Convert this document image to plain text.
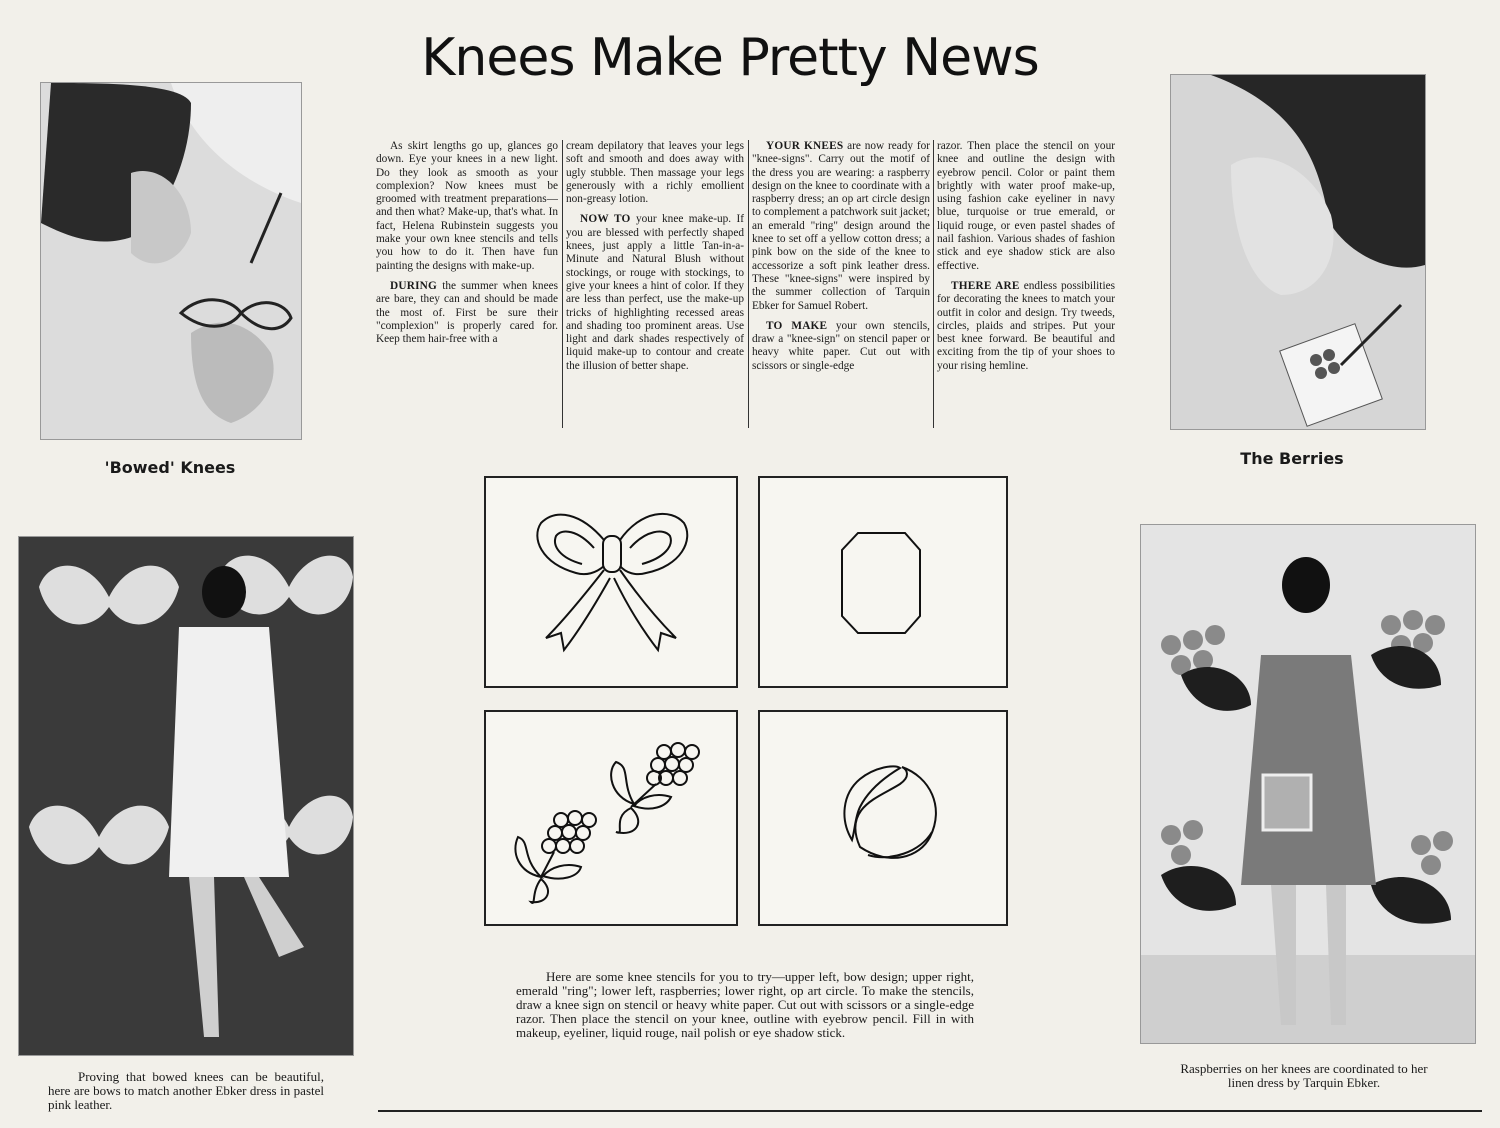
Knees Make Pretty News
'Bowed' Knees	The Berries

As skirt lengths go up, glances go down. Eye your knees in a new light. Do they look as smooth as your complexion? Now knees must be groomed with treatment preparations—and then what? Make-up, that's what. In fact, Helena Rubinstein suggests you make your own knee stencils and tells you how to do it. Then have fun painting the designs with make-up.

DURING the summer when knees are bare, they can and should be made the most of. First be sure their "complexion" is properly cared for. Keep them hair-free with a

cream depilatory that leaves your legs soft and smooth and does away with ugly stubble. Then massage your legs generously with a richly emollient non-greasy lotion.

NOW TO your knee make-up. If you are blessed with perfectly shaped knees, just apply a little Tan-in-a-Minute and Natural Blush without stockings, or rouge with stockings, to give your knees a hint of color. If they are less than perfect, use the make-up tricks of highlighting recessed areas and shading too prominent areas. Use light and dark shades respectively of liquid make-up to contour and create the illusion of better shape.

YOUR KNEES are now ready for "knee-signs". Carry out the motif of the dress you are wearing: a raspberry design on the knee to coordinate with a raspberry dress; an op art circle design to complement a patchwork suit jacket; an emerald "ring" design around the knee to set off a yellow cotton dress; a pink bow on the side of the knee to accessorize a soft pink leather dress. These "knee-signs" were inspired by the summer collection of Tarquin Ebker for Samuel Robert.

TO MAKE your own stencils, draw a "knee-sign" on stencil paper or heavy white paper. Cut out with scissors or single-edge

razor. Then place the stencil on your knee and outline the design with eyebrow pencil. Color or paint them brightly with water proof make-up, using fashion cake eyeliner in navy blue, turquoise or true emerald, or liquid rouge, or even pastel shades of nail fashion. Various shades of fashion stick and eye shadow stick are also effective.

THERE ARE endless possibilities for decorating the knees to match your outfit in color and design. Try tweeds, circles, plaids and stripes. Put your best knee forward. Be beautiful and exciting from the tip of your shoes to your rising hemline.

Proving that bowed knees can be beautiful, here are bows to match another Ebker dress in pastel pink leather.
Raspberries on her knees are coordinated to her linen dress by Tarquin Ebker.
Here are some knee stencils for you to try—upper left, bow design; upper right, emerald "ring"; lower left, raspberries; lower right, op art circle. To make the stencils, draw a knee sign on stencil or heavy white paper. Cut out with scissors or a single-edge razor. Then place the stencil on your knee, outline with eyebrow pencil. Fill in with makeup, eyeliner, liquid rouge, nail polish or eye shadow stick.
